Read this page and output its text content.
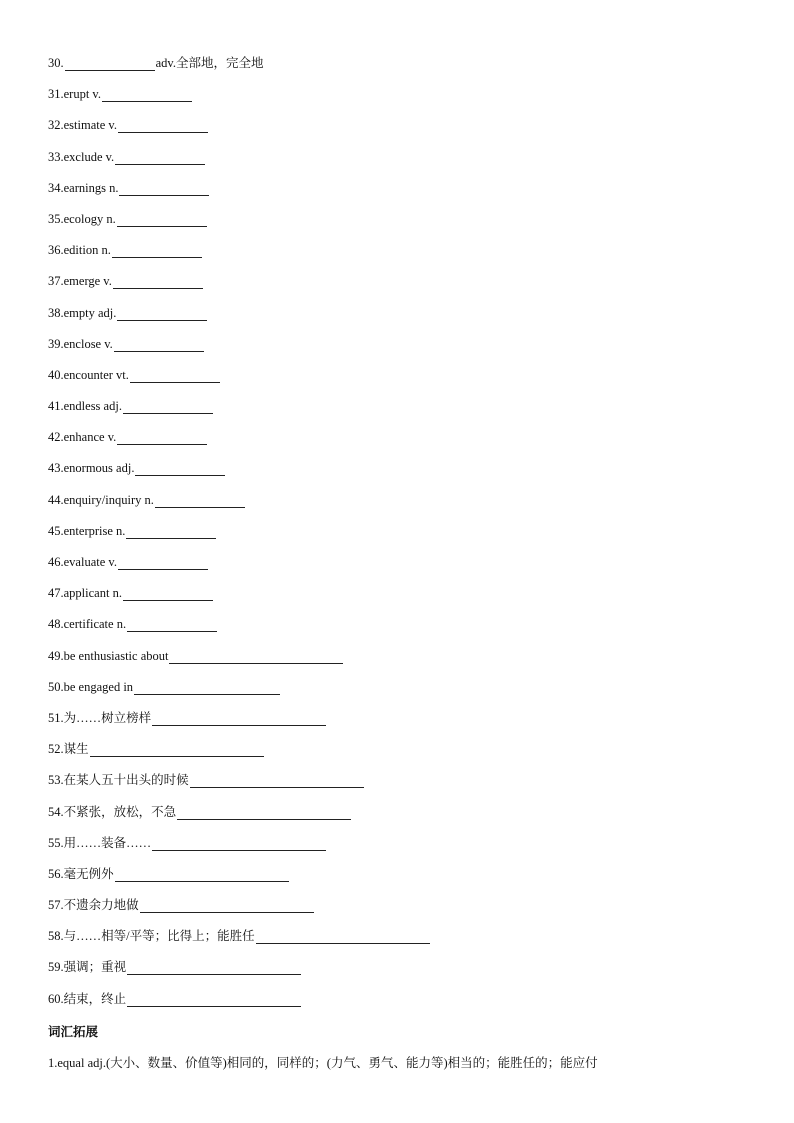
30.	adv.全部地，完全地
31. erupt v.
32. estimate v.
33. exclude v.
34. earnings n.
35. ecology n.
36. edition n.
37. emerge v.
38. empty adj.
39. enclose v.
40. encounter vt.
41. endless adj.
42. enhance v.
43. enormous adj.
44. enquiry/inquiry n.
45. enterprise n.
46. evaluate v.
47. applicant n.
48. certificate n.
49. be enthusiastic about
50. be engaged in
51. 为……树立榜样
52. 谋生
53. 在某人五十出头的时候
54. 不紧张，放松，不急
55. 用……装备……
56. 毫无例外
57. 不遗余力地做
58. 与……相等/平等；比得上；能胜任
59. 强调；重视
60. 结束，终止
词汇拓展
1.equal adj.(大小、数量、价值等)相同的，同样的；(力气、勇气、能力等)相当的；能胜任的；能应付
